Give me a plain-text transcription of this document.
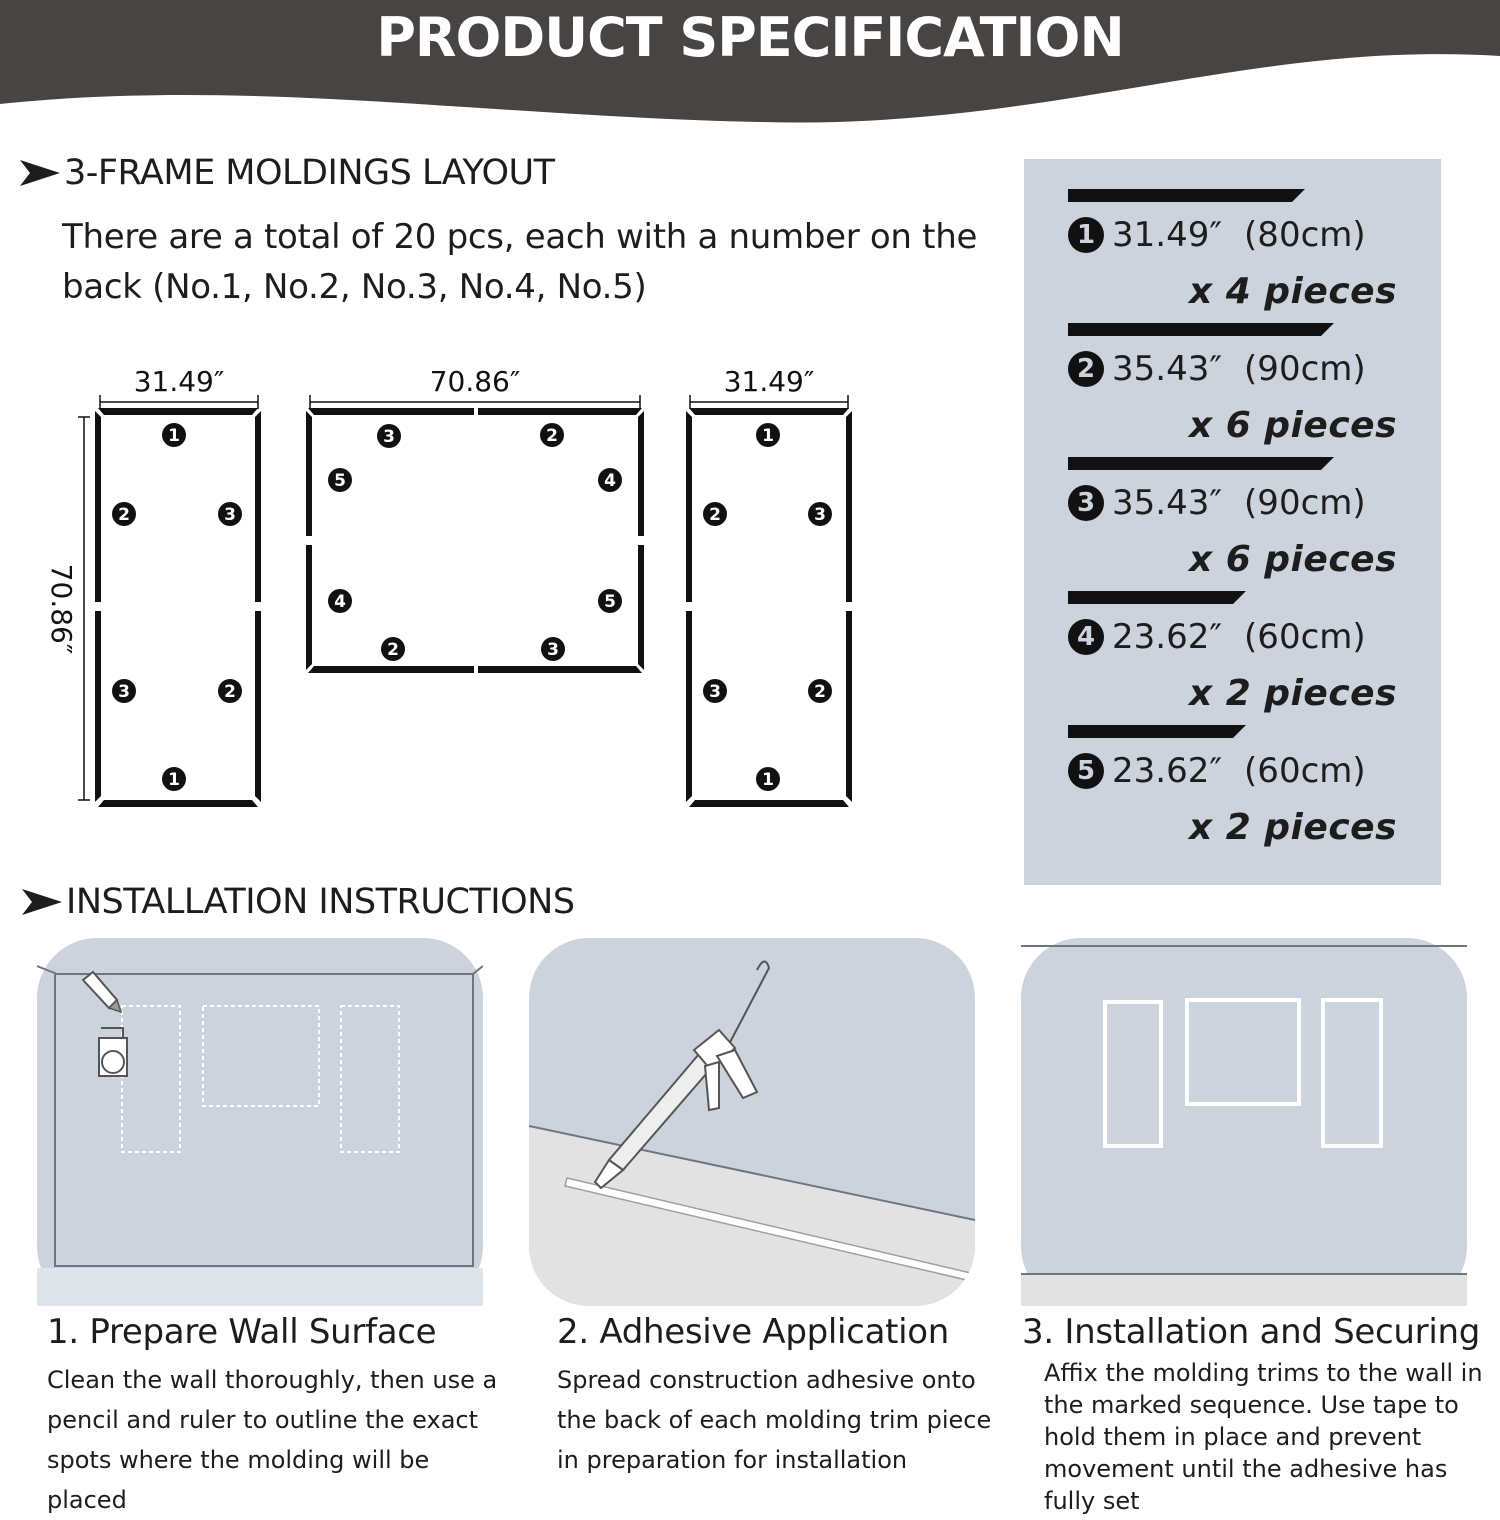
PRODUCT SPECIFICATION
3-FRAME MOLDINGS LAYOUT
There are a total of 20 pcs, each with a number on the back (No.1, No.2, No.3, No.4, No.5)
31.49″	70.86″	31.49″
70.86″
1
2	3
3	2
1
3	2
5	4
4	5
2	3
1
2	3
3	2
1
1 31.49″ (80cm)
x 4 pieces
2 35.43″ (90cm)
x 6 pieces
3 35.43″ (90cm)
x 6 pieces
4 23.62″ (60cm)
x 2 pieces
5 23.62″ (60cm)
x 2 pieces
INSTALLATION INSTRUCTIONS
1. Prepare Wall Surface
Clean the wall thoroughly, then use a pencil and ruler to outline the exact spots where the molding will be placed
2. Adhesive Application
Spread construction adhesive onto the back of each molding trim piece in preparation for installation
3. Installation and Securing
Affix the molding trims to the wall in the marked sequence. Use tape to hold them in place and prevent movement until the adhesive has fully set
